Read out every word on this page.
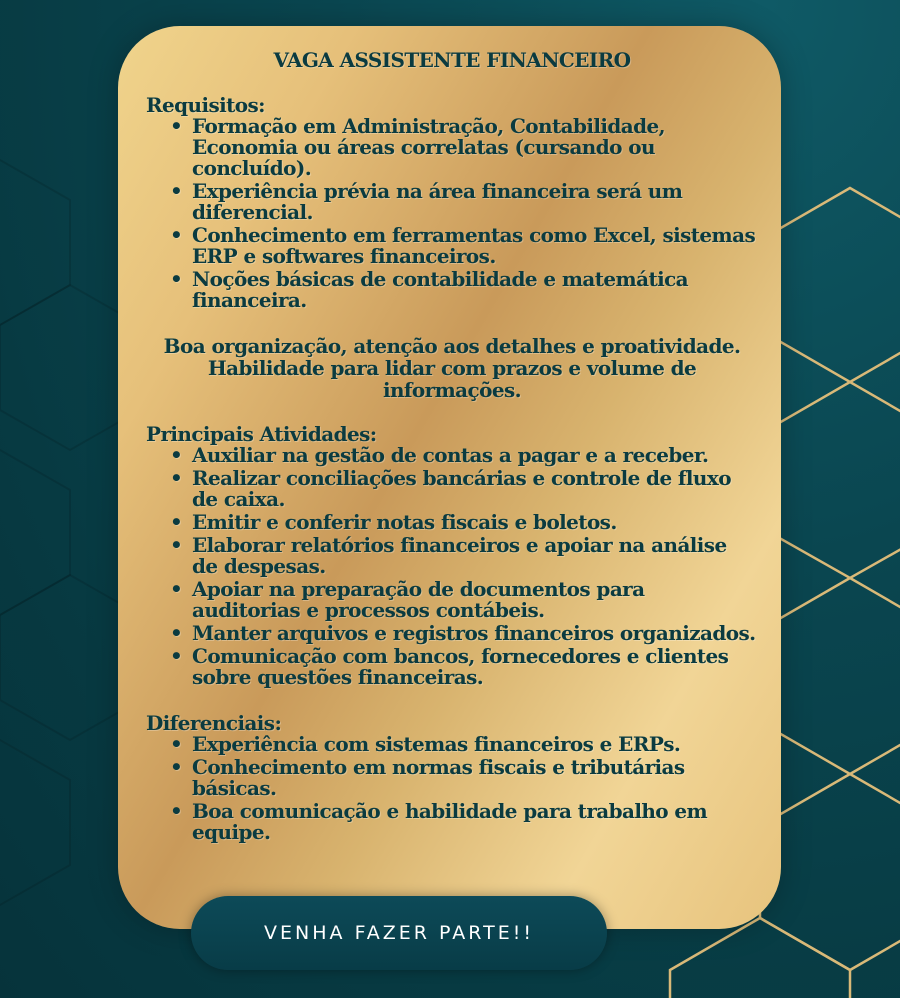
VAGA ASSISTENTE FINANCEIRO
Requisitos:
• Formação em Administração, Contabilidade, Economia ou áreas correlatas (cursando ou concluído).
• Experiência prévia na área financeira será um diferencial.
• Conhecimento em ferramentas como Excel, sistemas ERP e softwares financeiros.
• Noções básicas de contabilidade e matemática financeira.
Boa organização, atenção aos detalhes e proatividade.
Habilidade para lidar com prazos e volume de
informações.
Principais Atividades:
• Auxiliar na gestão de contas a pagar e a receber.
• Realizar conciliações bancárias e controle de fluxo de caixa.
• Emitir e conferir notas fiscais e boletos.
• Elaborar relatórios financeiros e apoiar na análise de despesas.
• Apoiar na preparação de documentos para auditorias e processos contábeis.
• Manter arquivos e registros financeiros organizados.
• Comunicação com bancos, fornecedores e clientes sobre questões financeiras.
Diferenciais:
• Experiência com sistemas financeiros e ERPs.
• Conhecimento em normas fiscais e tributárias básicas.
• Boa comunicação e habilidade para trabalho em equipe.
VENHA FAZER PARTE!!
